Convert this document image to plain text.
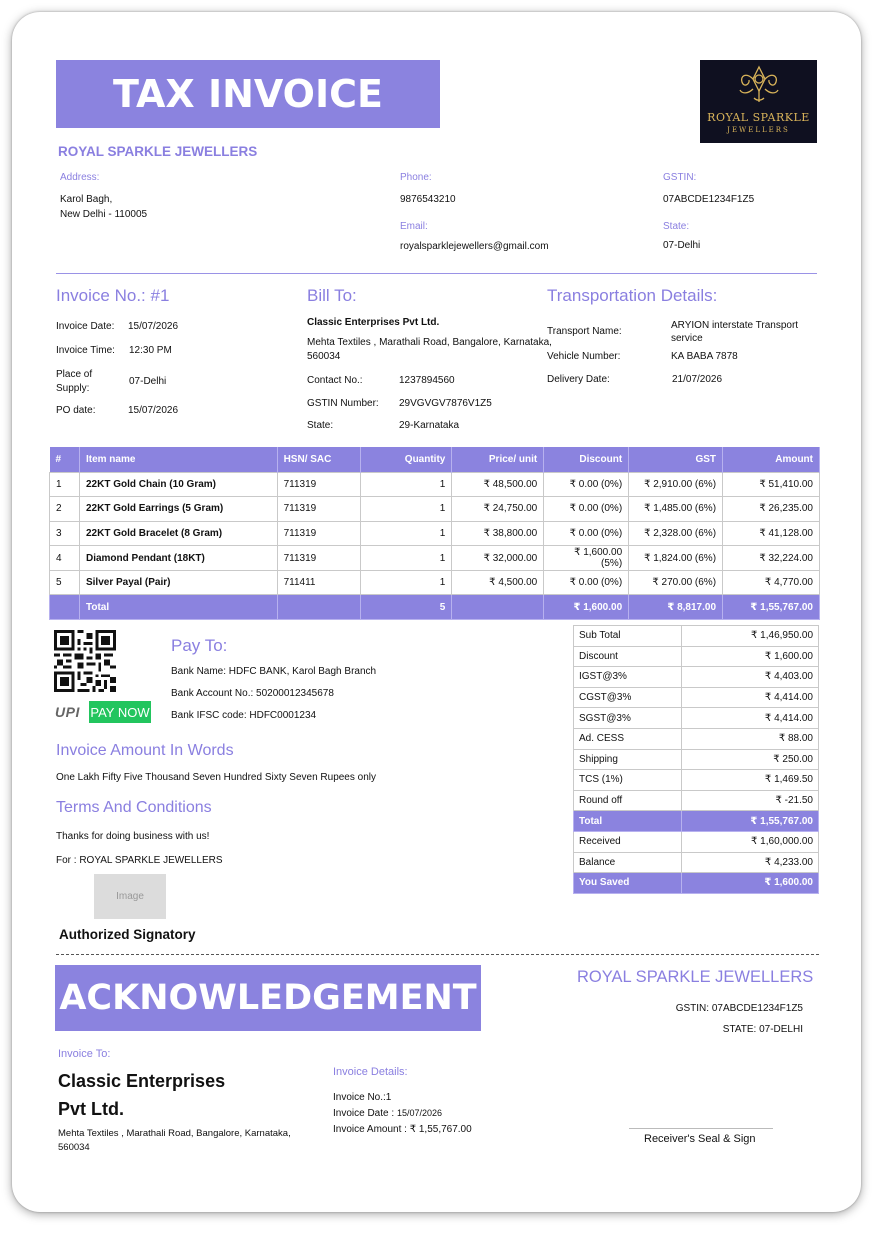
TAX INVOICE
ROYAL SPARKLE
JEWELLERS
ROYAL SPARKLE JEWELLERS
Address:
Karol Bagh,
New Delhi - 110005
Phone:
9876543210
Email:
royalsparklejewellers@gmail.com
GSTIN:
07ABCDE1234F1Z5
State:
07-Delhi
Invoice No.: #1
Invoice Date: 15/07/2026
Invoice Time: 12:30 PM
Place of
Supply:
07-Delhi
PO date:	15/07/2026
Bill To:
Classic Enterprises Pvt Ltd.
Mehta Textiles , Marathali Road, Bangalore, Karnataka,
560034
Contact No.:	1237894560
GSTIN Number: 29VGVGV7876V1Z5
State:	29-Karnataka
Transportation Details:
Transport Name:
ARYION interstate Transport
service
Vehicle Number:	KA BABA 7878
Delivery Date:	21/07/2026
#	Item name	HSN/ SAC	Quantity	Price/ unit	Discount	GST	Amount
1	22KT Gold Chain (10 Gram)	711319	1	₹ 48,500.00	₹ 0.00 (0%)	₹ 2,910.00 (6%)	₹ 51,410.00
2	22KT Gold Earrings (5 Gram)	711319	1	₹ 24,750.00	₹ 0.00 (0%)	₹ 1,485.00 (6%)	₹ 26,235.00
3	22KT Gold Bracelet (8 Gram)	711319	1	₹ 38,800.00	₹ 0.00 (0%)	₹ 2,328.00 (6%)	₹ 41,128.00
4	Diamond Pendant (18KT)	711319	1	₹ 32,000.00	₹ 1,600.00 (5%)	₹ 1,824.00 (6%)	₹ 32,224.00
5	Silver Payal (Pair)	711411	1	₹ 4,500.00	₹ 0.00 (0%)	₹ 270.00 (6%)	₹ 4,770.00
	Total		5		₹ 1,600.00	₹ 8,817.00	₹ 1,55,767.00
UPI PAY NOW
Pay To:
Bank Name: HDFC BANK, Karol Bagh Branch
Bank Account No.: 50200012345678
Bank IFSC code: HDFC0001234
Invoice Amount In Words
One Lakh Fifty Five Thousand Seven Hundred Sixty Seven Rupees only
Terms And Conditions
Thanks for doing business with us!
For : ROYAL SPARKLE JEWELLERS
Image
Authorized Signatory
Sub Total	₹ 1,46,950.00
Discount	₹ 1,600.00
IGST@3%	₹ 4,403.00
CGST@3%	₹ 4,414.00
SGST@3%	₹ 4,414.00
Ad. CESS	₹ 88.00
Shipping	₹ 250.00
TCS (1%)	₹ 1,469.50
Round off	₹ -21.50
Total	₹ 1,55,767.00
Received	₹ 1,60,000.00
Balance	₹ 4,233.00
You Saved	₹ 1,600.00
ACKNOWLEDGEMENT
ROYAL SPARKLE JEWELLERS
GSTIN: 07ABCDE1234F1Z5
STATE: 07-DELHI
Invoice To:
Classic Enterprises
Pvt Ltd.
Mehta Textiles , Marathali Road, Bangalore, Karnataka,
560034
Invoice Details:
Invoice No.:1
Invoice Date : 15/07/2026
Invoice Amount : ₹ 1,55,767.00
Receiver's Seal & Sign
